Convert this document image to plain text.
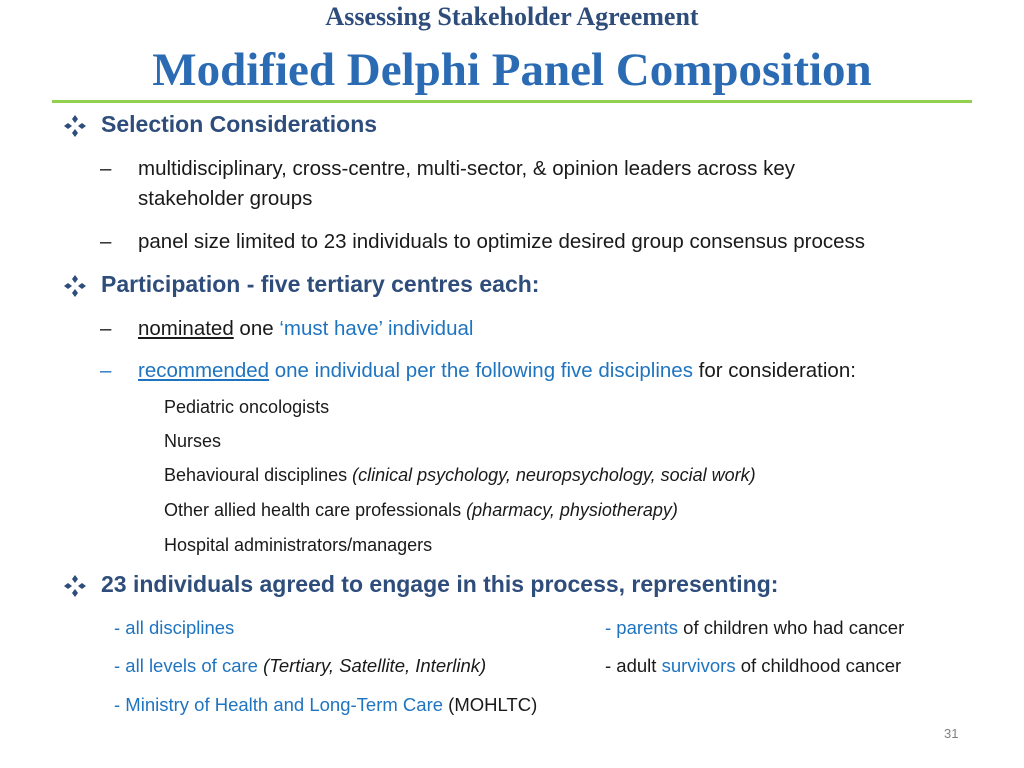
Assessing Stakeholder Agreement
Modified Delphi Panel Composition
Selection Considerations
– multidisciplinary, cross-centre, multi-sector, & opinion leaders across key
stakeholder groups
– panel size limited to 23 individuals to optimize desired group consensus process
Participation - five tertiary centres each:
– nominated one ‘must have’ individual
– recommended one individual per the following five disciplines for consideration:
Pediatric oncologists
Nurses
Behavioural disciplines (clinical psychology, neuropsychology, social work)
Other allied health care professionals (pharmacy, physiotherapy)
Hospital administrators/managers
23 individuals agreed to engage in this process, representing:
- all disciplines
- all levels of care (Tertiary, Satellite, Interlink)
- Ministry of Health and Long-Term Care (MOHLTC)
- parents of children who had cancer
- adult survivors of childhood cancer
31
